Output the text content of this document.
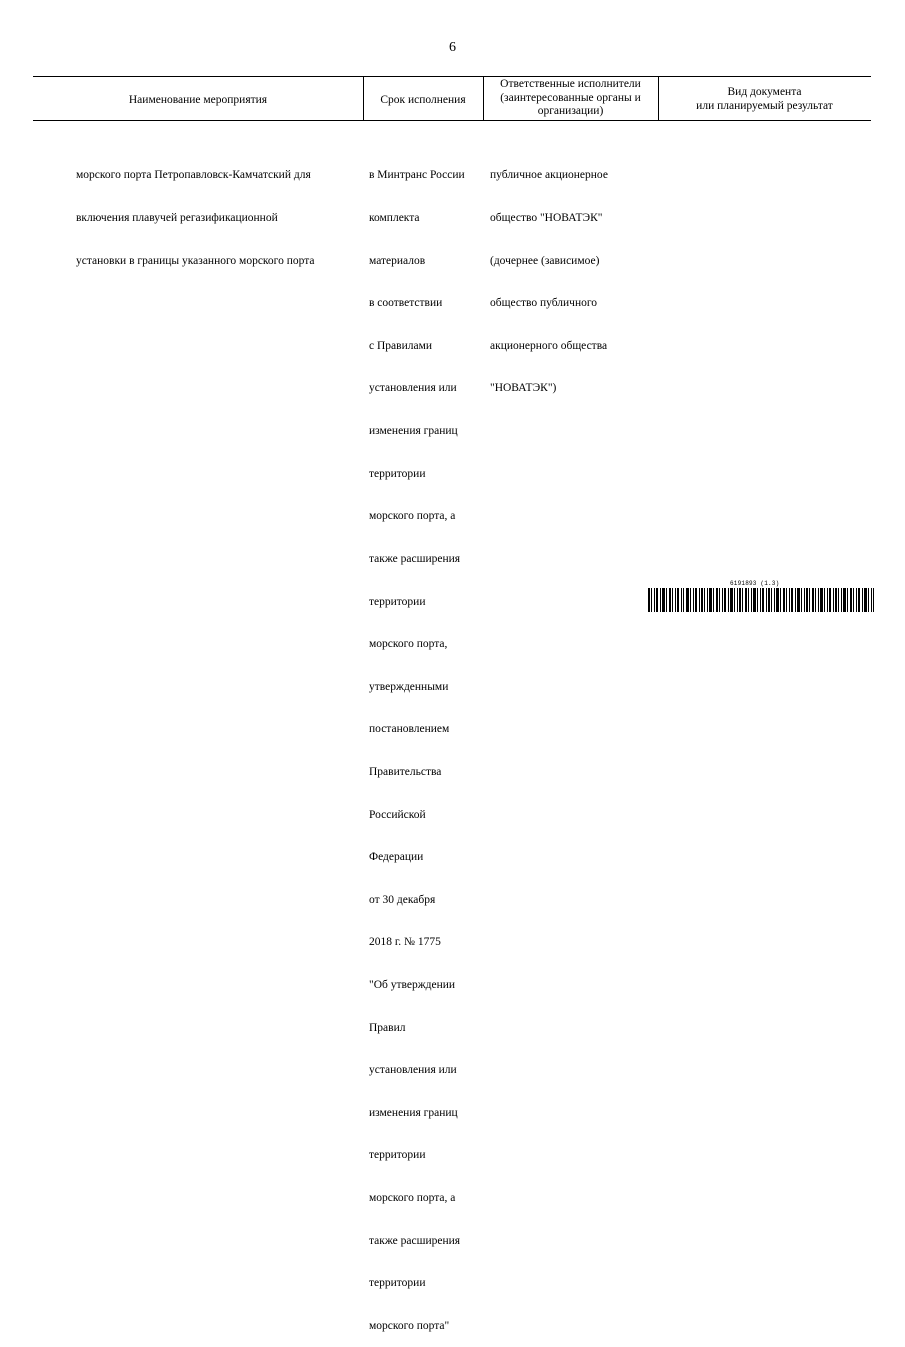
6
Наименование мероприятия	Срок исполнения
Ответственные исполнители
(заинтересованные органы и
организации)
Вид документа
или планируемый результат

морского порта Петропавловск-Камчатский для

включения плавучей регазификационной

установки в границы указанного морского порта

в Минтранс России

комплекта

материалов

в соответствии

с Правилами

установления или

изменения границ

территории

морского порта, а

также расширения

территории

морского порта,

утвержденными

постановлением

Правительства

Российской

Федерации

от 30 декабря

2018 г. № 1775

"Об утверждении

Правил

установления или

изменения границ

территории

морского порта, а

также расширения

территории

морского порта"

публичное акционерное

общество "НОВАТЭК"

(дочернее (зависимое)

общество публичного

акционерного общества

"НОВАТЭК")

6191893 (1.3)
